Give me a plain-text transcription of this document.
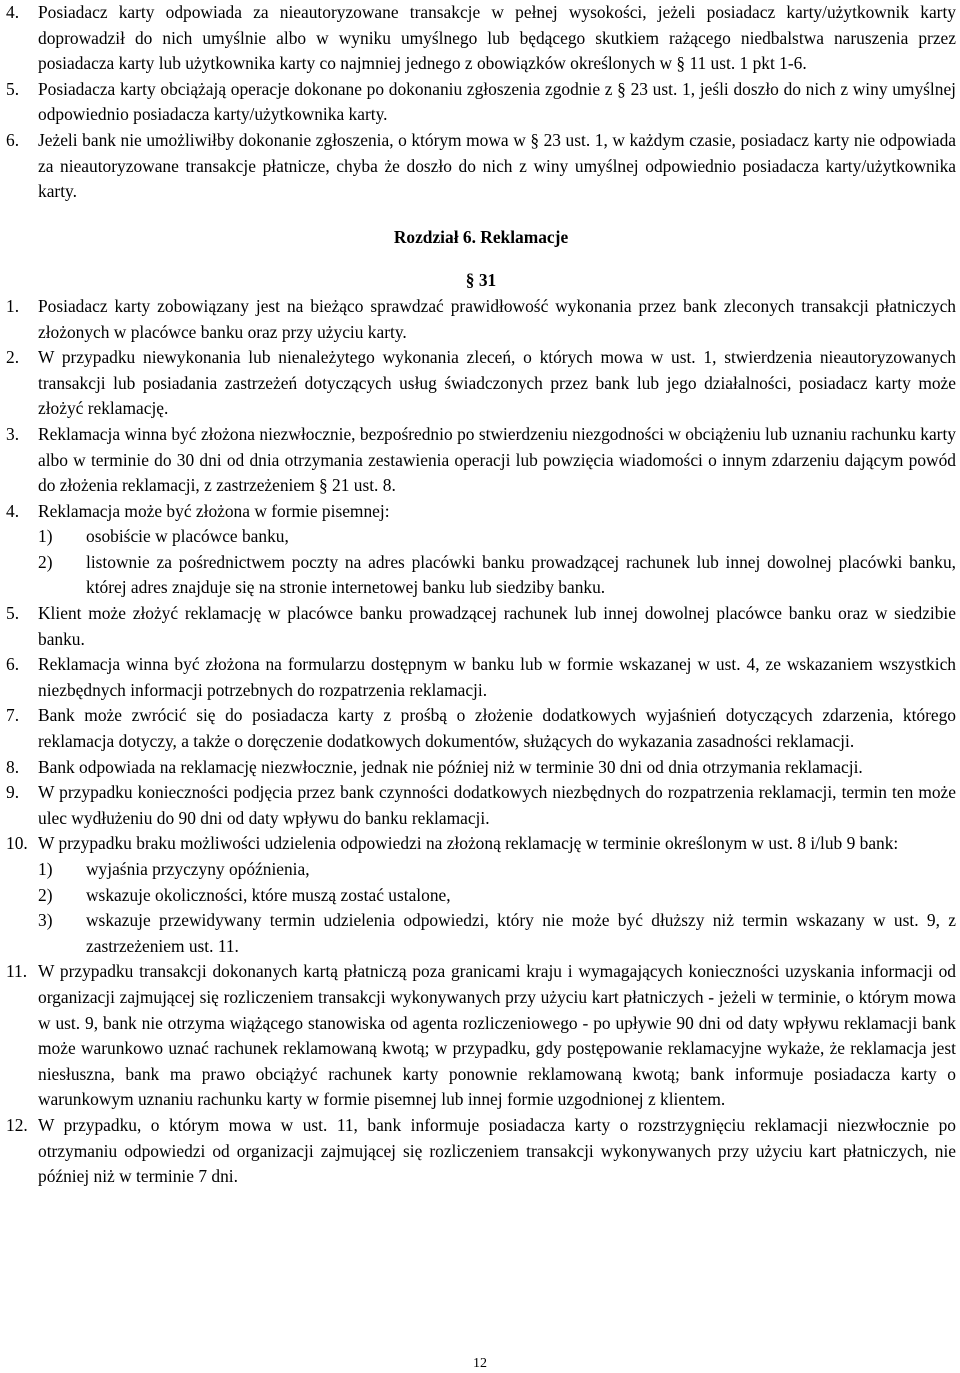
4. Posiadacz karty odpowiada za nieautoryzowane transakcje w pełnej wysokości, jeżeli posiadacz karty/użytkownik karty doprowadził do nich umyślnie albo w wyniku umyślnego lub będącego skutkiem rażącego niedbalstwa naruszenia przez posiadacza karty lub użytkownika karty co najmniej jednego z obowiązków określonych w § 11 ust. 1 pkt 1-6.
5. Posiadacza karty obciążają operacje dokonane po dokonaniu zgłoszenia zgodnie z § 23 ust. 1, jeśli doszło do nich z winy umyślnej odpowiednio posiadacza karty/użytkownika karty.
6. Jeżeli bank nie umożliwiłby dokonanie zgłoszenia, o którym mowa w § 23 ust. 1, w każdym czasie, posiadacz karty nie odpowiada za nieautoryzowane transakcje płatnicze, chyba że doszło do nich z winy umyślnej odpowiednio posiadacza karty/użytkownika karty.
Rozdział 6. Reklamacje
§ 31
1. Posiadacz karty zobowiązany jest na bieżąco sprawdzać prawidłowość wykonania przez bank zleconych transakcji płatniczych złożonych w placówce banku oraz przy użyciu karty.
2. W przypadku niewykonania lub nienależytego wykonania zleceń, o których mowa w ust. 1, stwierdzenia nieautoryzowanych transakcji lub posiadania zastrzeżeń dotyczących usług świadczonych przez bank lub jego działalności, posiadacz karty może złożyć reklamację.
3. Reklamacja winna być złożona niezwłocznie, bezpośrednio po stwierdzeniu niezgodności w obciążeniu lub uznaniu rachunku karty albo w terminie do 30 dni od dnia otrzymania zestawienia operacji lub powzięcia wiadomości o innym zdarzeniu dającym powód do złożenia reklamacji, z zastrzeżeniem § 21 ust. 8.
4. Reklamacja może być złożona w formie pisemnej:
1) osobiście w placówce banku,
2) listownie za pośrednictwem poczty na adres placówki banku prowadzącej rachunek lub innej dowolnej placówki banku, której adres znajduje się na stronie internetowej banku lub siedziby banku.
5. Klient może złożyć reklamację w placówce banku prowadzącej rachunek lub innej dowolnej placówce banku oraz w siedzibie banku.
6. Reklamacja winna być złożona na formularzu dostępnym w banku lub w formie wskazanej w ust. 4, ze wskazaniem wszystkich niezbędnych informacji potrzebnych do rozpatrzenia reklamacji.
7. Bank może zwrócić się do posiadacza karty z prośbą o złożenie dodatkowych wyjaśnień dotyczących zdarzenia, którego reklamacja dotyczy, a także o doręczenie dodatkowych dokumentów, służących do wykazania zasadności reklamacji.
8. Bank odpowiada na reklamację niezwłocznie, jednak nie później niż w terminie 30 dni od dnia otrzymania reklamacji.
9. W przypadku konieczności podjęcia przez bank czynności dodatkowych niezbędnych do rozpatrzenia reklamacji, termin ten może ulec wydłużeniu do 90 dni od daty wpływu do banku reklamacji.
10. W przypadku braku możliwości udzielenia odpowiedzi na złożoną reklamację w terminie określonym w ust. 8 i/lub 9 bank:
1) wyjaśnia przyczyny opóźnienia,
2) wskazuje okoliczności, które muszą zostać ustalone,
3) wskazuje przewidywany termin udzielenia odpowiedzi, który nie może być dłuższy niż termin wskazany w ust. 9, z zastrzeżeniem ust. 11.
11. W przypadku transakcji dokonanych kartą płatniczą poza granicami kraju i wymagających konieczności uzyskania informacji od organizacji zajmującej się rozliczeniem transakcji wykonywanych przy użyciu kart płatniczych - jeżeli w terminie, o którym mowa w ust. 9, bank nie otrzyma wiążącego stanowiska od agenta rozliczeniowego - po upływie 90 dni od daty wpływu reklamacji bank może warunkowo uznać rachunek reklamowaną kwotą; w przypadku, gdy postępowanie reklamacyjne wykaże, że reklamacja jest niesłuszna, bank ma prawo obciążyć rachunek karty ponownie reklamowaną kwotą; bank informuje posiadacza karty o warunkowym uznaniu rachunku karty w formie pisemnej lub innej formie uzgodnionej z klientem.
12. W przypadku, o którym mowa w ust. 11, bank informuje posiadacza karty o rozstrzygnięciu reklamacji niezwłocznie po otrzymaniu odpowiedzi od organizacji zajmującej się rozliczeniem transakcji wykonywanych przy użyciu kart płatniczych, nie później niż w terminie 7 dni.
12
